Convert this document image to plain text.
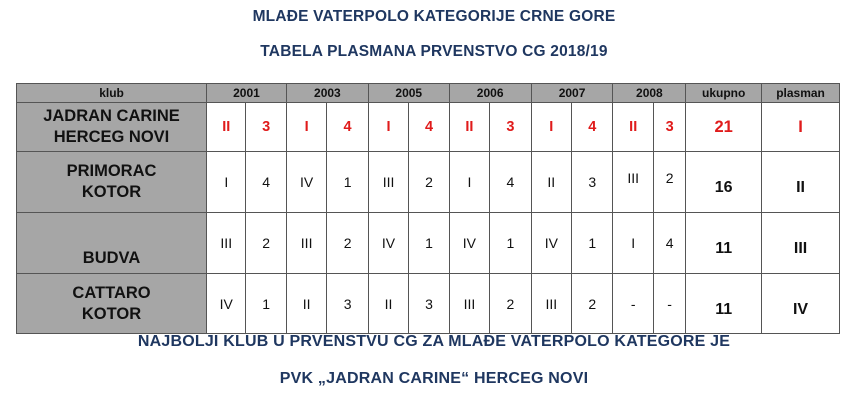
MLAĐE VATERPOLO KATEGORIJE CRNE GORE
TABELA PLASMANA PRVENSTVO CG 2018/19
klub	2001		2003		2005		2006		2007		2008		ukupno	plasman

JADRAN CARINE
HERCEG NOVI	II	3	I	4	I	4	II	3	I	4	II	3	21	I

PRIMORAC
KOTOR	I	4	IV	1	III	2	I	4	II	3	III	2	16	II

BUDVA	III	2	III	2	IV	1	IV	1	IV	1	I	4	11	III

CATTARO
KOTOR	IV	1	II	3	II	3	III	2	III	2	-	-	11	IV
NAJBOLJI KLUB U PRVENSTVU CG ZA MLAĐE VATERPOLO KATEGORE JE
PVK „JADRAN CARINE“ HERCEG NOVI
